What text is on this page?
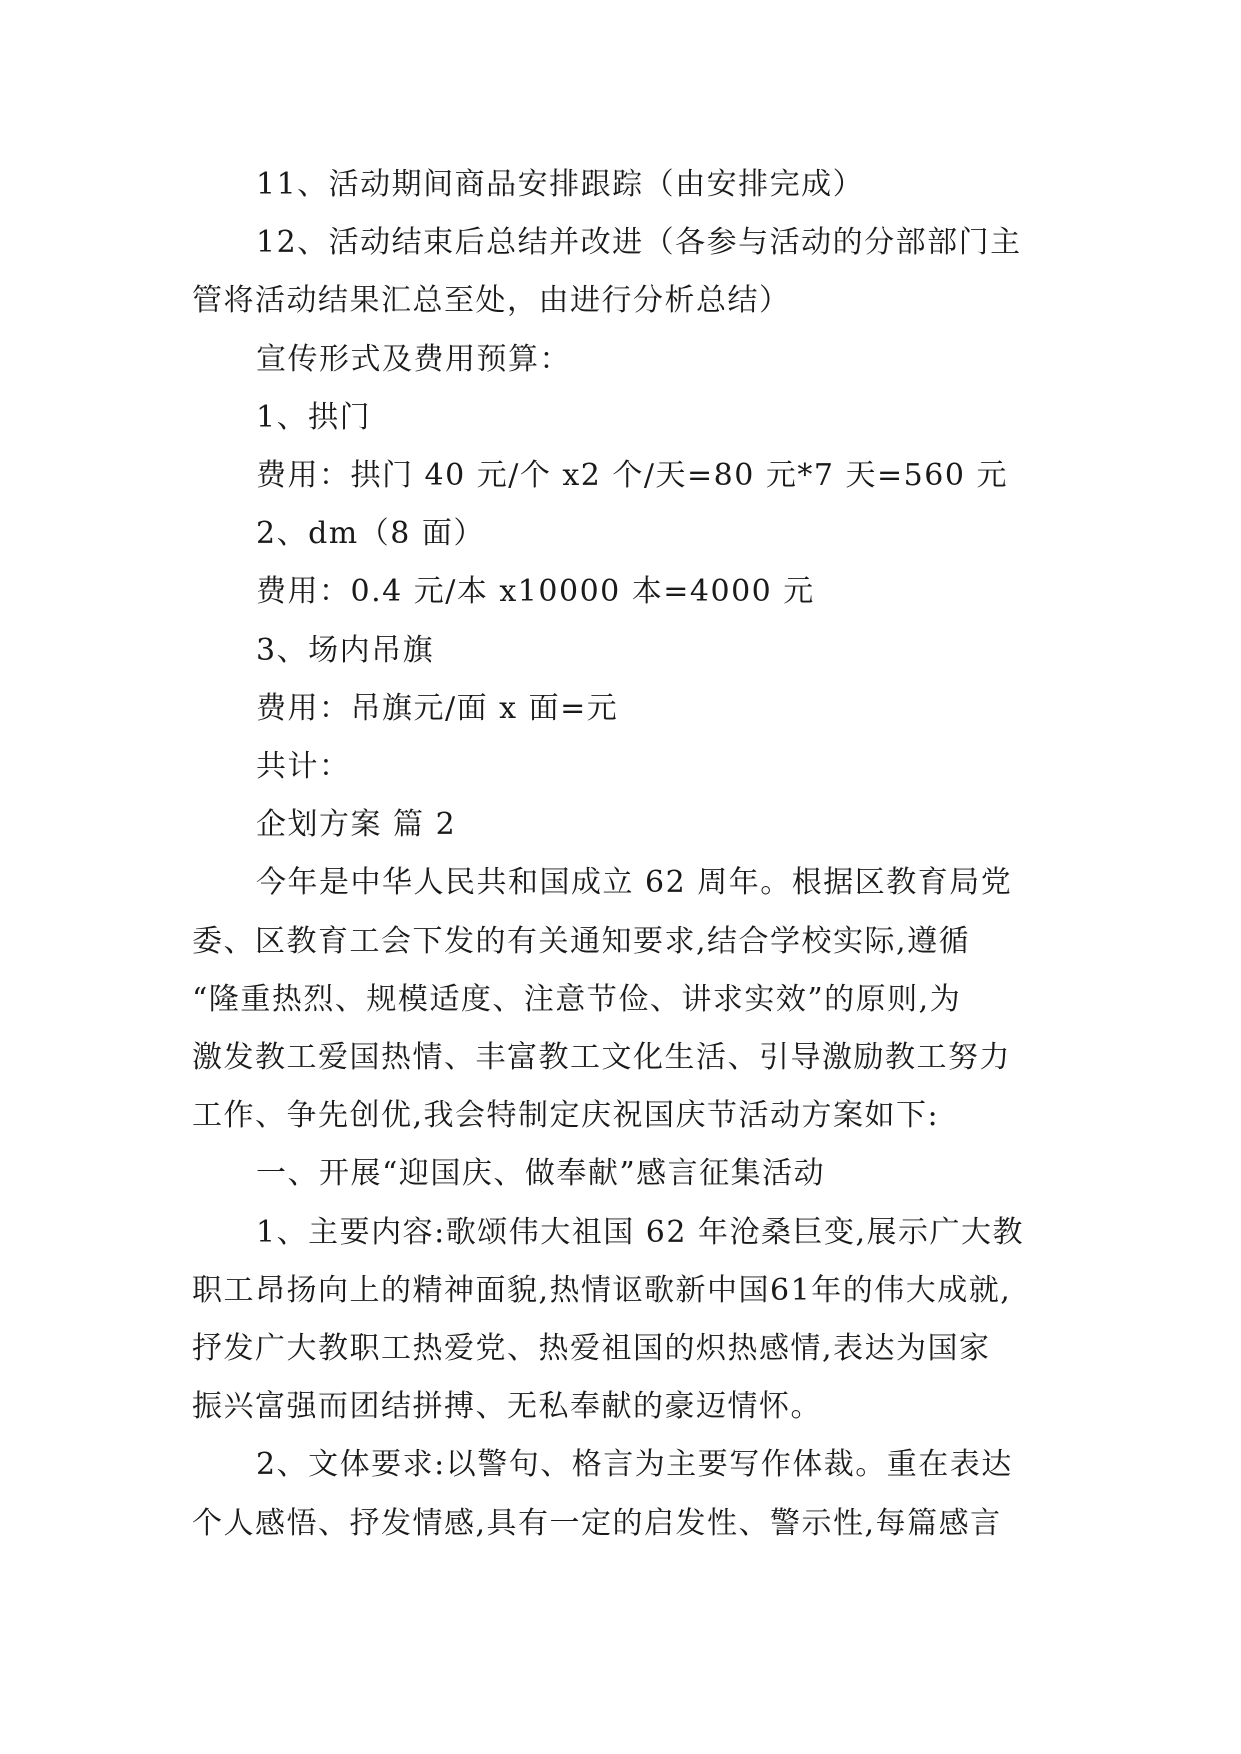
11、活动期间商品安排跟踪（由安排完成）

12、活动结束后总结并改进（各参与活动的分部部门主
管将活动结果汇总至处，由进行分析总结）

宣传形式及费用预算：

1、拱门

费用：拱门 40 元/个 x2 个/天=80 元*7 天=560 元

2、dm（8 面）

费用：0.4 元/本 x10000 本=4000 元

3、场内吊旗

费用：吊旗元/面 x 面=元

共计：

企划方案 篇 2

今年是中华人民共和国成立 62 周年。根据区教育局党
委、区教育工会下发的有关通知要求,结合学校实际,遵循
“隆重热烈、规模适度、注意节俭、讲求实效”的原则,为
激发教工爱国热情、丰富教工文化生活、引导激励教工努力
工作、争先创优,我会特制定庆祝国庆节活动方案如下:

一、开展“迎国庆、做奉献”感言征集活动

1、主要内容:歌颂伟大祖国 62 年沧桑巨变,展示广大教
职工昂扬向上的精神面貌,热情讴歌新中国61年的伟大成就,
抒发广大教职工热爱党、热爱祖国的炽热感情,表达为国家
振兴富强而团结拼搏、无私奉献的豪迈情怀。

2、文体要求:以警句、格言为主要写作体裁。重在表达
个人感悟、抒发情感,具有一定的启发性、警示性,每篇感言
